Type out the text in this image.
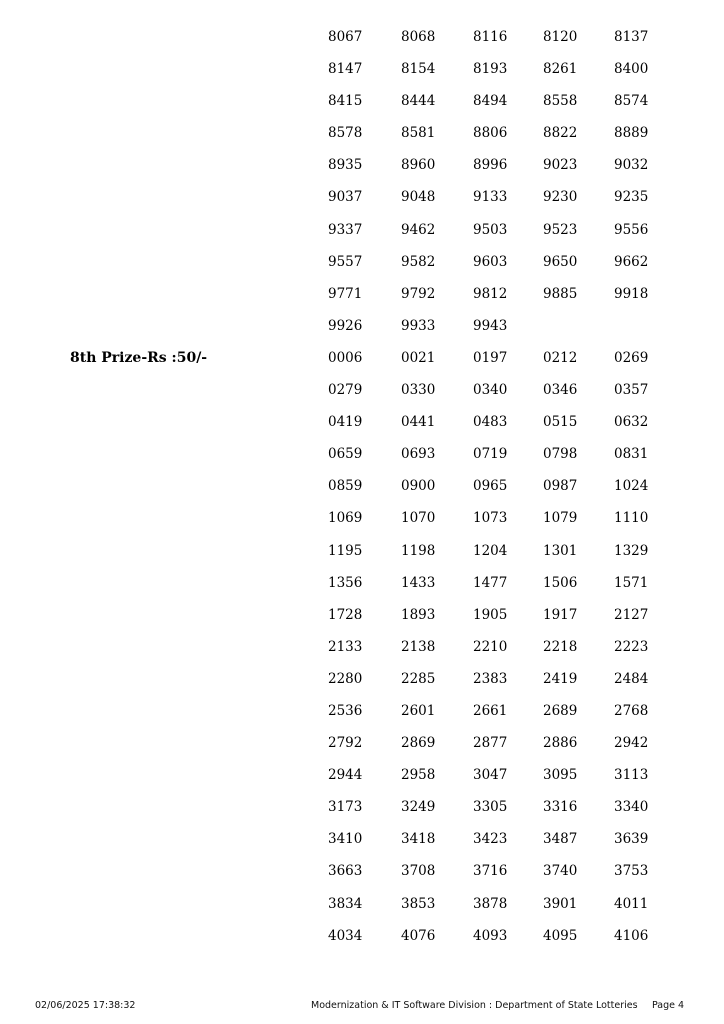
8067	8068	8116	8120	8137
8147	8154	8193	8261	8400
8415	8444	8494	8558	8574
8578	8581	8806	8822	8889
8935	8960	8996	9023	9032
9037	9048	9133	9230	9235
9337	9462	9503	9523	9556
9557	9582	9603	9650	9662
9771	9792	9812	9885	9918
9926	9933	9943
8th Prize-Rs :50/-	0006	0021	0197	0212	0269
0279	0330	0340	0346	0357
0419	0441	0483	0515	0632
0659	0693	0719	0798	0831
0859	0900	0965	0987	1024
1069	1070	1073	1079	1110
1195	1198	1204	1301	1329
1356	1433	1477	1506	1571
1728	1893	1905	1917	2127
2133	2138	2210	2218	2223
2280	2285	2383	2419	2484
2536	2601	2661	2689	2768
2792	2869	2877	2886	2942
2944	2958	3047	3095	3113
3173	3249	3305	3316	3340
3410	3418	3423	3487	3639
3663	3708	3716	3740	3753
3834	3853	3878	3901	4011
4034	4076	4093	4095	4106
02/06/2025 17:38:32	Modernization & IT Software Division : Department of State Lotteries Page 4
